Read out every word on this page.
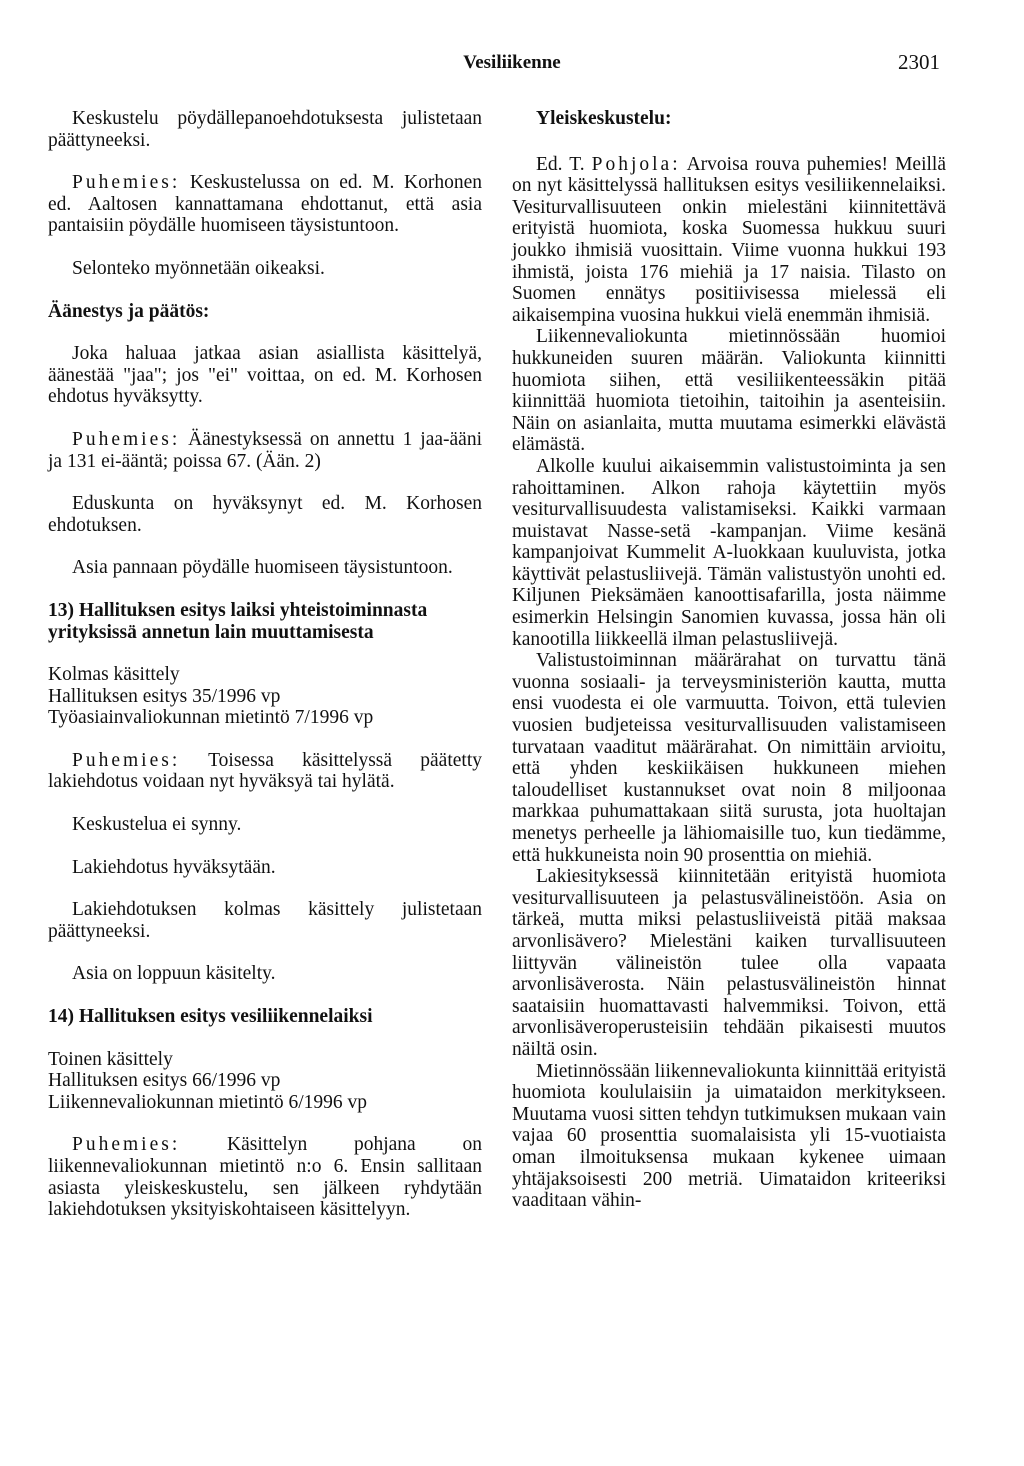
Vesiliikenne	2301

Keskustelu pöydällepanoehdotuksesta julistetaan päättyneeksi.

Puhemies: Keskustelussa on ed. M. Korhonen ed. Aaltosen kannattamana ehdottanut, että asia pantaisiin pöydälle huomiseen täysistuntoon.

Selonteko myönnetään oikeaksi.

Äänestys ja päätös:

Joka haluaa jatkaa asian asiallista käsittelyä, äänestää "jaa"; jos "ei" voittaa, on ed. M. Korhosen ehdotus hyväksytty.

Puhemies: Äänestyksessä on annettu 1 jaa-ääni ja 131 ei-ääntä; poissa 67. (Ään. 2)

Eduskunta on hyväksynyt ed. M. Korhosen ehdotuksen.

Asia pannaan pöydälle huomiseen täysistuntoon.

13) Hallituksen esitys laiksi yhteistoiminnasta yrityksissä annetun lain muuttamisesta
Kolmas käsittely
Hallituksen esitys 35/1996 vp
Työasiainvaliokunnan mietintö 7/1996 vp

Puhemies: Toisessa käsittelyssä päätetty lakiehdotus voidaan nyt hyväksyä tai hylätä.

Keskustelua ei synny.

Lakiehdotus hyväksytään.

Lakiehdotuksen kolmas käsittely julistetaan päättyneeksi.

Asia on loppuun käsitelty.

14) Hallituksen esitys vesiliikennelaiksi
Toinen käsittely
Hallituksen esitys 66/1996 vp
Liikennevaliokunnan mietintö 6/1996 vp

Puhemies: Käsittelyn pohjana on liikennevaliokunnan mietintö n:o 6. Ensin sallitaan asiasta yleiskeskustelu, sen jälkeen ryhdytään lakiehdotuksen yksityiskohtaiseen käsittelyyn.

Yleiskeskustelu:

Ed. T. Pohjola: Arvoisa rouva puhemies! Meillä on nyt käsittelyssä hallituksen esitys vesiliikennelaiksi. Vesiturvallisuuteen onkin mielestäni kiinnitettävä erityistä huomiota, koska Suomessa hukkuu suuri joukko ihmisiä vuosittain. Viime vuonna hukkui 193 ihmistä, joista 176 miehiä ja 17 naisia. Tilasto on Suomen ennätys positiivisessa mielessä eli aikaisempina vuosina hukkui vielä enemmän ihmisiä.

Liikennevaliokunta mietinnössään huomioi hukkuneiden suuren määrän. Valiokunta kiinnitti huomiota siihen, että vesiliikenteessäkin pitää kiinnittää huomiota tietoihin, taitoihin ja asenteisiin. Näin on asianlaita, mutta muutama esimerkki elävästä elämästä.

Alkolle kuului aikaisemmin valistustoiminta ja sen rahoittaminen. Alkon rahoja käytettiin myös vesiturvallisuudesta valistamiseksi. Kaikki varmaan muistavat Nasse-setä -kampanjan. Viime kesänä kampanjoivat Kummelit A-luokkaan kuuluvista, jotka käyttivät pelastusliivejä. Tämän valistustyön unohti ed. Kiljunen Pieksämäen kanoottisafarilla, josta näimme esimerkin Helsingin Sanomien kuvassa, jossa hän oli kanootilla liikkeellä ilman pelastusliivejä.

Valistustoiminnan määrärahat on turvattu tänä vuonna sosiaali- ja terveysministeriön kautta, mutta ensi vuodesta ei ole varmuutta. Toivon, että tulevien vuosien budjeteissa vesiturvallisuuden valistamiseen turvataan vaaditut määrärahat. On nimittäin arvioitu, että yhden keskiikäisen hukkuneen miehen taloudelliset kustannukset ovat noin 8 miljoonaa markkaa puhumattakaan siitä surusta, jota huoltajan menetys perheelle ja lähiomaisille tuo, kun tiedämme, että hukkuneista noin 90 prosenttia on miehiä.

Lakiesityksessä kiinnitetään erityistä huomiota vesiturvallisuuteen ja pelastusvälineistöön. Asia on tärkeä, mutta miksi pelastusliiveistä pitää maksaa arvonlisävero? Mielestäni kaiken turvallisuuteen liittyvän välineistön tulee olla vapaata arvonlisäverosta. Näin pelastusvälineistön hinnat saataisiin huomattavasti halvemmiksi. Toivon, että arvonlisäveroperusteisiin tehdään pikaisesti muutos näiltä osin.

Mietinnössään liikennevaliokunta kiinnittää erityistä huomiota koululaisiin ja uimataidon merkitykseen. Muutama vuosi sitten tehdyn tutkimuksen mukaan vain vajaa 60 prosenttia suomalaisista yli 15-vuotiaista oman ilmoituksensa mukaan kykenee uimaan yhtäjaksoisesti 200 metriä. Uimataidon kriteeriksi vaaditaan vähin-
